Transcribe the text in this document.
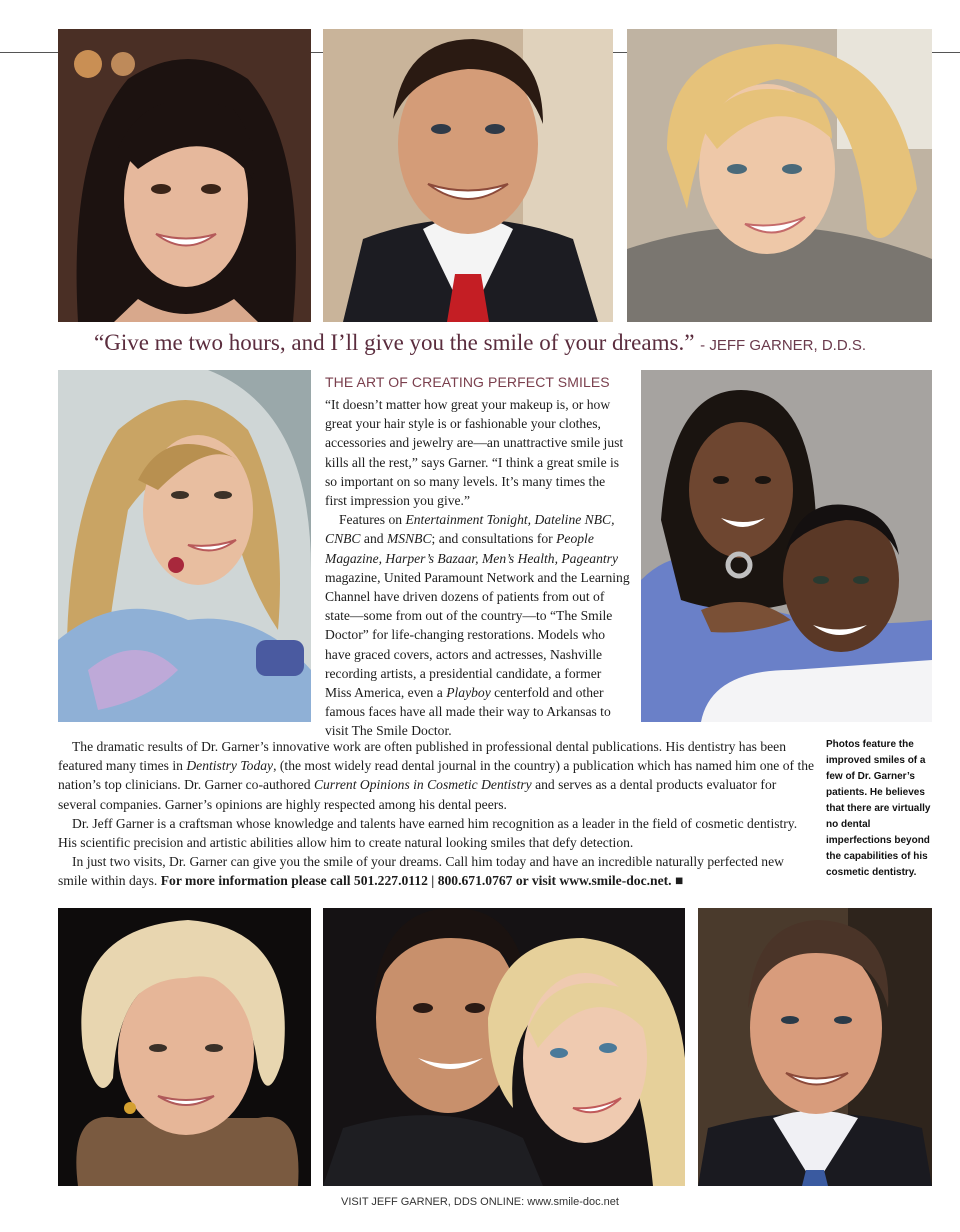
“Give me two hours, and I’ll give you the smile of your dreams.” - JEFF GARNER, D.D.S.
THE ART OF CREATING PERFECT SMILES

“It doesn’t matter how great your makeup is, or how great your hair style is or fashionable your clothes, accessories and jewelry are—an unattractive smile just kills all the rest,” says Garner. “I think a great smile is so important on so many levels. It’s many times the first impression you give.”

Features on Entertainment Tonight, Dateline NBC, CNBC and MSNBC; and consultations for People Magazine, Harper’s Bazaar, Men’s Health, Pageantry magazine, United Paramount Network and the Learning Channel have driven dozens of patients from out of state—some from out of the country—to “The Smile Doctor” for life-changing restorations. Models who have graced covers, actors and actresses, Nashville recording artists, a presidential candidate, a former Miss America, even a Playboy centerfold and other famous faces have all made their way to Arkansas to visit The Smile Doctor.

The dramatic results of Dr. Garner’s innovative work are often published in professional dental publications. His dentistry has been featured many times in Dentistry Today, (the most widely read dental journal in the country) a publication which has named him one of the nation’s top clinicians. Dr. Garner co-authored Current Opinions in Cosmetic Dentistry and serves as a dental products evaluator for several companies. Garner’s opinions are highly respected among his dental peers.

Dr. Jeff Garner is a craftsman whose knowledge and talents have earned him recognition as a leader in the field of cosmetic dentistry. His scientific precision and artistic abilities allow him to create natural looking smiles that defy detection.

In just two visits, Dr. Garner can give you the smile of your dreams. Call him today and have an incredible naturally perfected new smile within days. For more information please call 501.227.0112 | 800.671.0767 or visit www.smile-doc.net. ■

Photos feature the improved smiles of a few of Dr. Garner’s patients. He believes that there are virtually no dental imperfections beyond the capabilities of his cosmetic dentistry.
VISIT JEFF GARNER, DDS ONLINE: www.smile-doc.net
